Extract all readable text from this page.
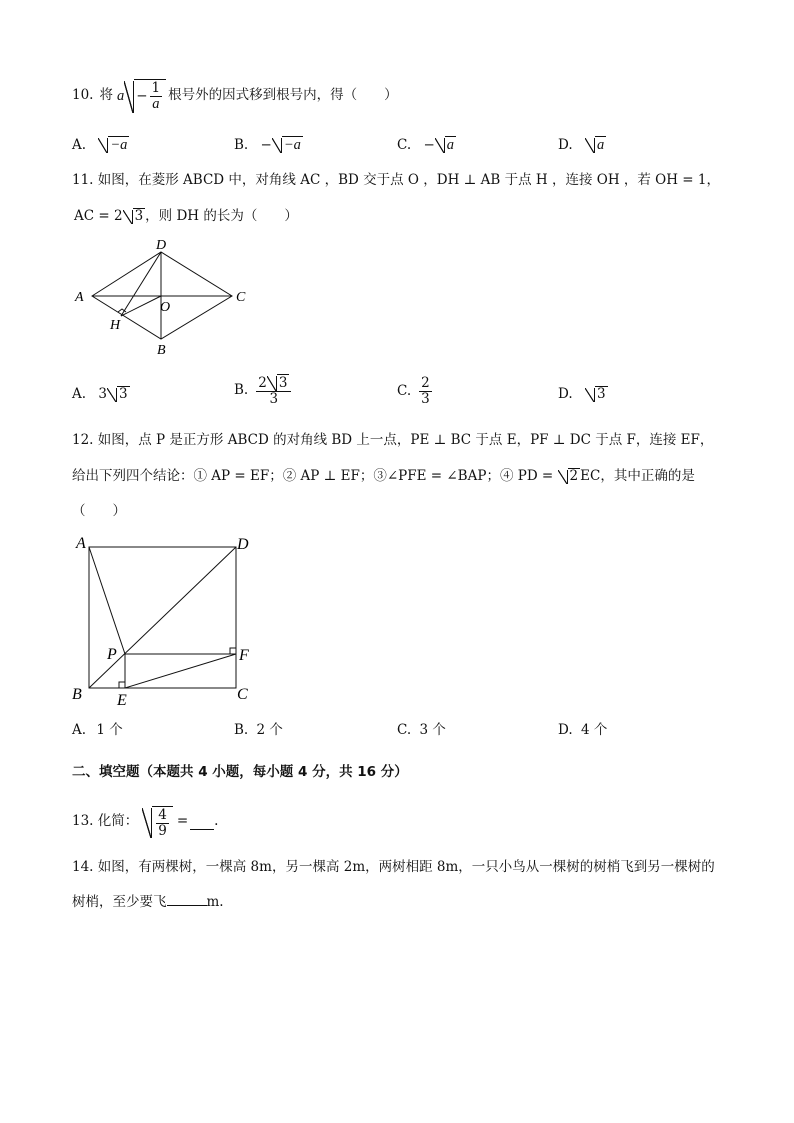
10. 将 $a - \frac{1}{a}$ 根号外的因式移到根号内，得（　　）
A. −a	B. − −a	C. − a	D. a
11. 如图，在菱形 ABCD 中，对角线 AC ，BD 交于点 O ，DH ⊥ AB 于点 H ，连接 OH ，若 OH = 1，
AC = 2 3 ，则 DH 的长为（　　）
A
D
C
O
H
B
A. 3 3	B. $\frac{2 3}{3}$	C. $\frac{2}{3}$	D. 3
12. 如图，点 P 是正方形 ABCD 的对角线 BD 上一点，PE ⊥ BC 于点 E，PF ⊥ DC 于点 F，连接 EF，
给出下列四个结论：① AP = EF；② AP ⊥ EF；③∠PFE = ∠BAP；④ PD = 2 EC，其中正确的是
（　　）
A	D
P	F
B E	C
A. 1 个	B. 2 个	C. 3 个	D. 4 个
二、填空题（本题共 4 小题，每小题 4 分，共 16 分）
13. 化简： $\frac{4}{9}$ = .
14. 如图，有两棵树，一棵高 8m，另一棵高 2m，两树相距 8m，一只小鸟从一棵树的树梢飞到另一棵树的
树梢，至少要飞	m.
